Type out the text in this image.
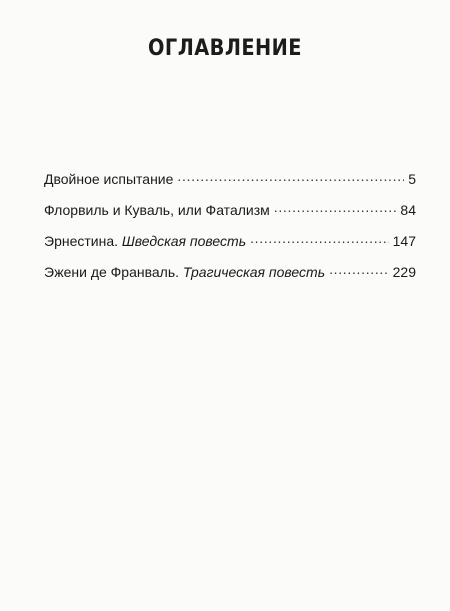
ОГЛАВЛЕНИЕ
Двойное испытание . . .	5
Флорвиль и Куваль, или Фатализм . . .	84
Эрнестина. Шведская повесть . . .	147
Эжени де Франваль. Трагическая повесть . . .	229
